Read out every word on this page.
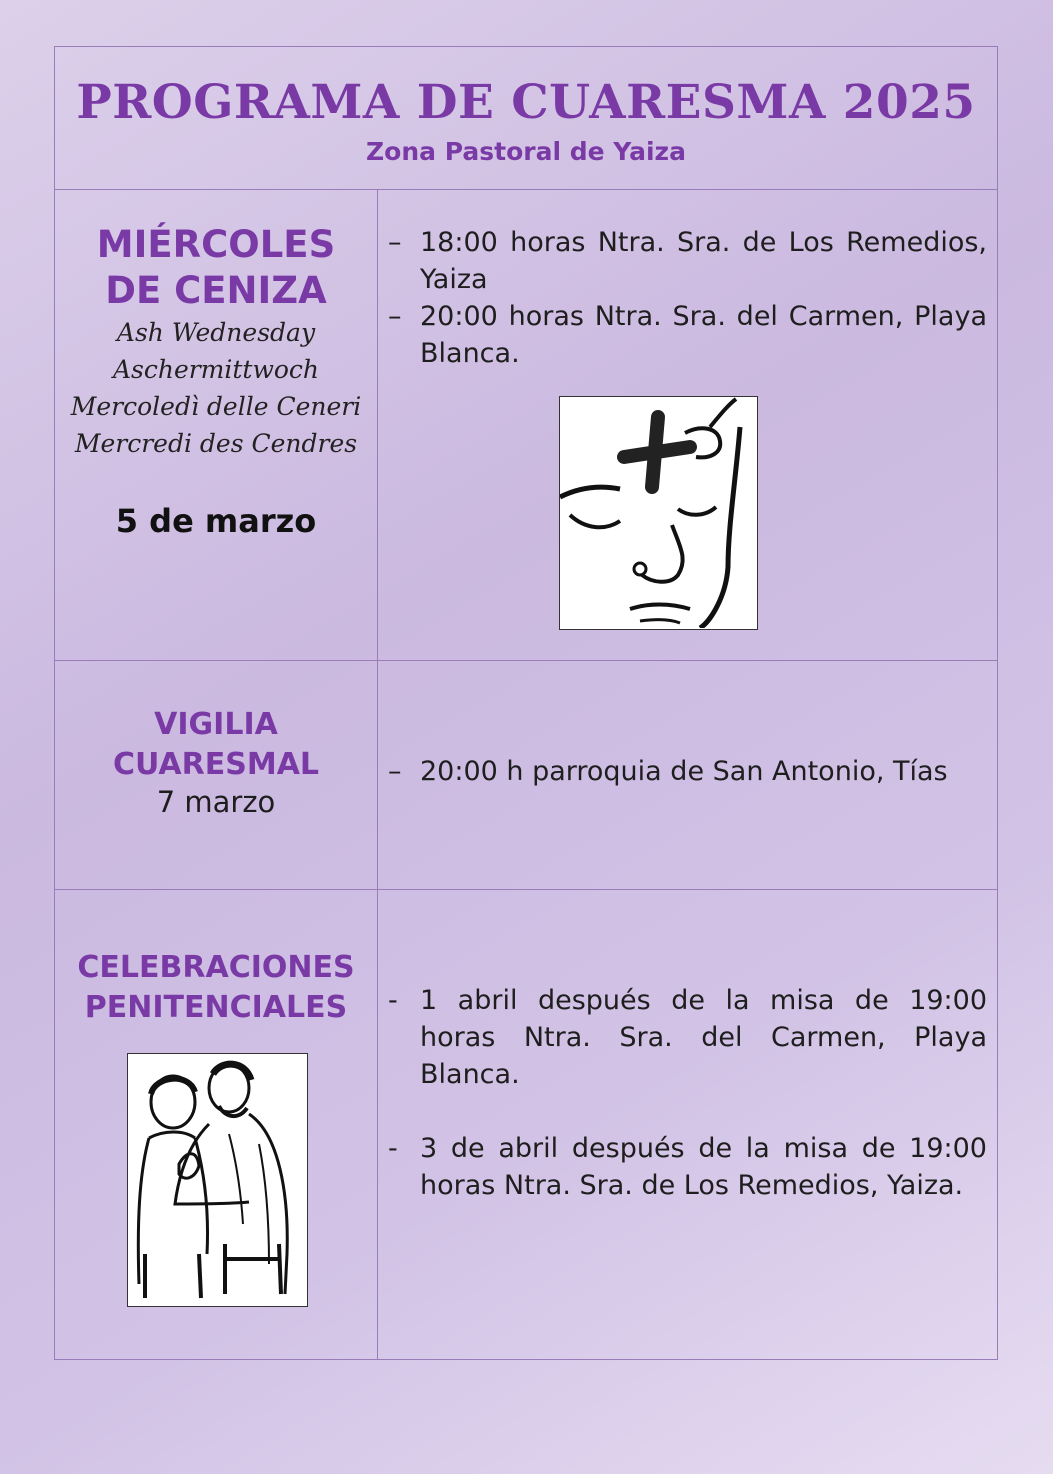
PROGRAMA DE CUARESMA 2025
Zona Pastoral de Yaiza
MIÉRCOLES
DE CENIZA
Ash Wednesday
Aschermittwoch
Mercoledì delle Ceneri
Mercredi des Cendres
5 de marzo
– 18:00 horas Ntra. Sra. de Los Remedios, Yaiza
– 20:00 horas Ntra. Sra. del Carmen, Playa Blanca.
VIGILIA
CUARESMAL
7 marzo
– 20:00 h parroquia de San Antonio, Tías
CELEBRACIONES
PENITENCIALES	- 1 abril después de la misa de 19:00 horas Ntra. Sra. del Carmen, Playa Blanca.
- 3 de abril después de la misa de 19:00 horas Ntra. Sra. de Los Remedios, Yaiza.
